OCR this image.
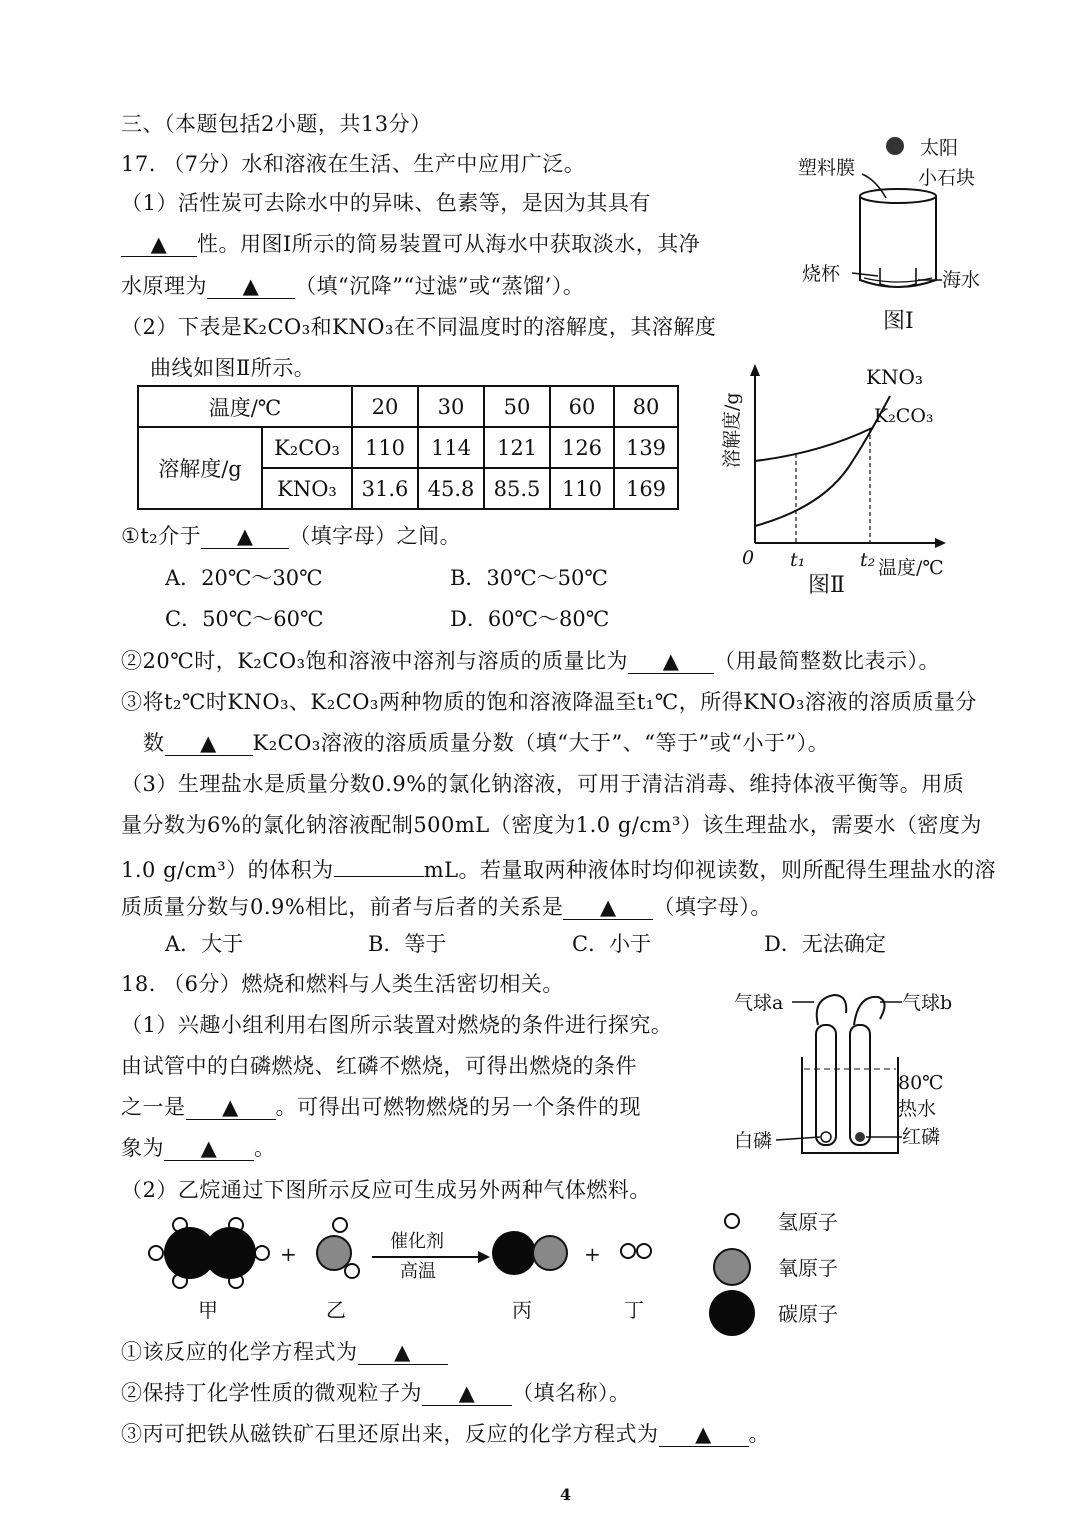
三、（本题包括2小题，共13分）
17. （7分）水和溶液在生活、生产中应用广泛。
（1）活性炭可去除水中的异味、色素等，是因为其具有
▲ 性。用图Ⅰ所示的简易装置可从海水中获取淡水，其净
水原理为 ▲ （填“沉降”“过滤”或“蒸馏’）。
（2）下表是K₂CO₃和KNO₃在不同温度时的溶解度，其溶解度
曲线如图Ⅱ所示。
温度/℃		20	30	50	60	80
溶解度/g	K₂CO₃	110	114	121	126	139
	KNO₃	31.6	45.8	85.5	110	169
①t₂介于 ▲ （填字母）之间。
A．20℃～30℃	B．30℃～50℃
C．50℃～60℃	D．60℃～80℃
②20℃时，K₂CO₃饱和溶液中溶剂与溶质的质量比为 ▲ （用最简整数比表示）。
③将t₂℃时KNO₃、K₂CO₃两种物质的饱和溶液降温至t₁℃，所得KNO₃溶液的溶质质量分
数 ▲ K₂CO₃溶液的溶质质量分数（填“大于”、“等于”或“小于”）。
（3）生理盐水是质量分数0.9%的氯化钠溶液，可用于清洁消毒、维持体液平衡等。用质
量分数为6%的氯化钠溶液配制500mL（密度为1.0 g/cm³）该生理盐水，需要水（密度为
1.0 g/cm³）的体积为	mL。若量取两种液体时均仰视读数，则所配得生理盐水的溶
质质量分数与0.9%相比，前者与后者的关系是 ▲ （填字母）。
A．大于	B．等于	C．小于	D．无法确定
太阳
塑料膜	小石块
烧杯	海水
图Ⅰ
溶解度/g
KNO₃
K₂CO₃
0 t₁	t₂ 温度/℃
图Ⅱ
18. （6分）燃烧和燃料与人类生活密切相关。
（1）兴趣小组利用右图所示装置对燃烧的条件进行探究。
由试管中的白磷燃烧、红磷不燃烧，可得出燃烧的条件
之一是 ▲ 。可得出可燃物燃烧的另一个条件的现
象为 ▲ 。
气球a	气球b
80℃
热水
白磷	红磷
（2）乙烷通过下图所示反应可生成另外两种气体燃料。
+
催化剂
高温
+
甲	乙	丙	丁
氢原子
氧原子
碳原子
①该反应的化学方程式为 ▲
②保持丁化学性质的微观粒子为 ▲ （填名称）。
③丙可把铁从磁铁矿石里还原出来，反应的化学方程式为 ▲ 。
4
